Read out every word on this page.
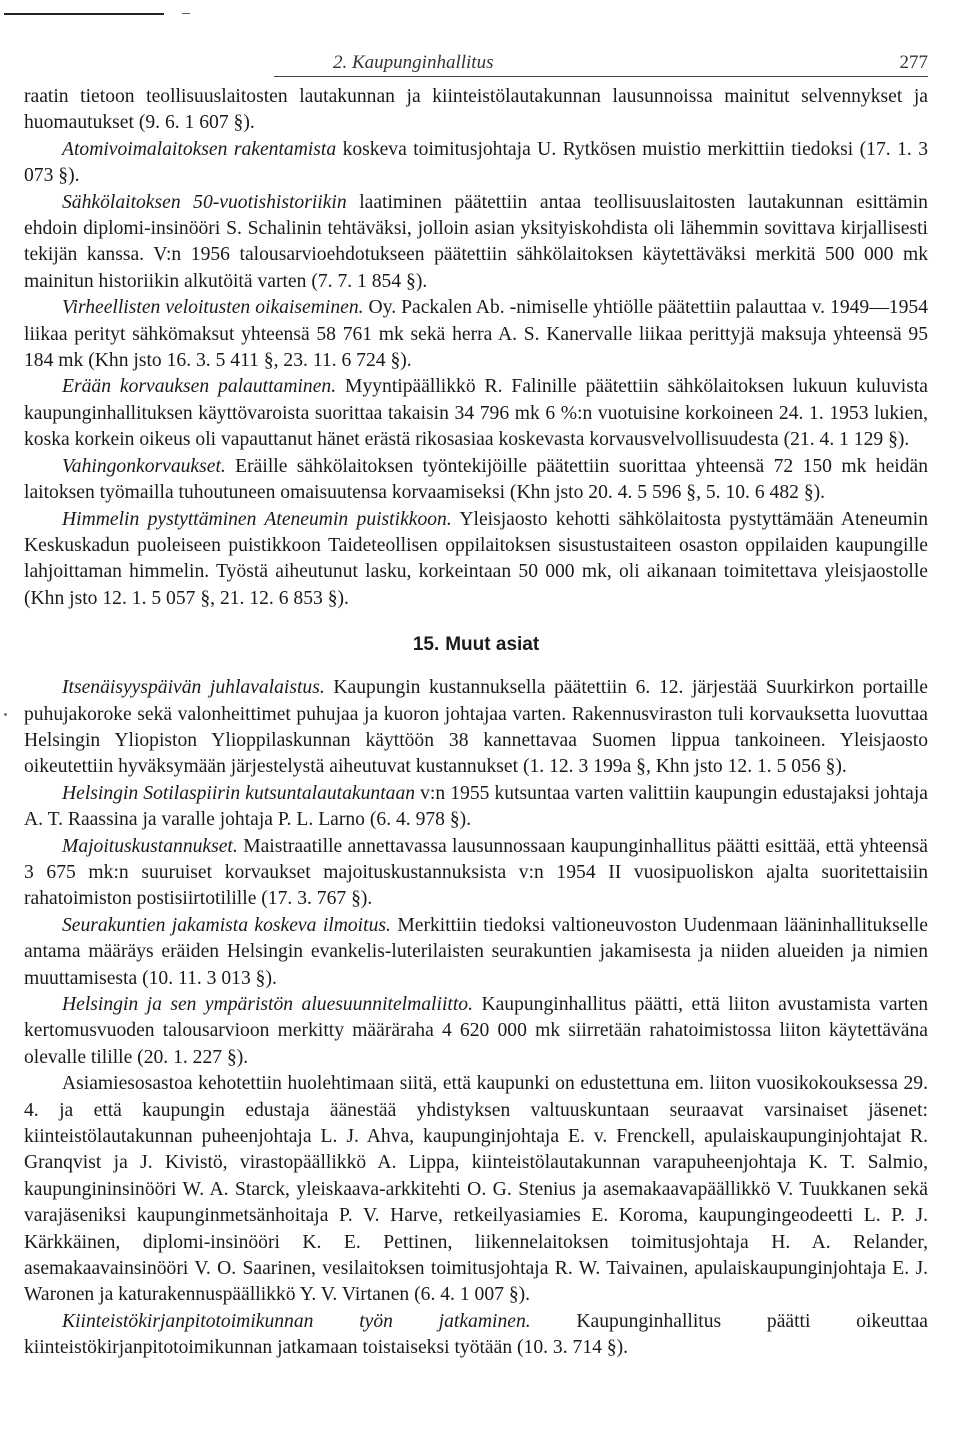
2. Kaupunginhallitus	277

raatin tietoon teollisuuslaitosten lautakunnan ja kiinteistölautakunnan lausunnoissa mainitut selvennykset ja huomautukset (9. 6. 1 607 §).

Atomivoimalaitoksen rakentamista koskeva toimitusjohtaja U. Rytkösen muistio merkittiin tiedoksi (17. 1. 3 073 §).

Sähkölaitoksen 50-vuotishistoriikin laatiminen päätettiin antaa teollisuuslaitosten lautakunnan esittämin ehdoin diplomi-insinööri S. Schalinin tehtäväksi, jolloin asian yksityiskohdista oli lähemmin sovittava kirjallisesti tekijän kanssa. V:n 1956 talousarvioehdotukseen päätettiin sähkölaitoksen käytettäväksi merkitä 500 000 mk mainitun historiikin alkutöitä varten (7. 7. 1 854 §).

Virheellisten veloitusten oikaiseminen. Oy. Packalen Ab. -nimiselle yhtiölle päätettiin palauttaa v. 1949—1954 liikaa perityt sähkömaksut yhteensä 58 761 mk sekä herra A. S. Kanervalle liikaa perittyjä maksuja yhteensä 95 184 mk (Khn jsto 16. 3. 5 411 §, 23. 11. 6 724 §).

Erään korvauksen palauttaminen. Myyntipäällikkö R. Falinille päätettiin sähkölaitoksen lukuun kuluvista kaupunginhallituksen käyttövaroista suorittaa takaisin 34 796 mk 6 %:n vuotuisine korkoineen 24. 1. 1953 lukien, koska korkein oikeus oli vapauttanut hänet erästä rikosasiaa koskevasta korvausvelvollisuudesta (21. 4. 1 129 §).

Vahingonkorvaukset. Eräille sähkölaitoksen työntekijöille päätettiin suorittaa yhteensä 72 150 mk heidän laitoksen työmailla tuhoutuneen omaisuutensa korvaamiseksi (Khn jsto 20. 4. 5 596 §, 5. 10. 6 482 §).

Himmelin pystyttäminen Ateneumin puistikkoon. Yleisjaosto kehotti sähkölaitosta pystyttämään Ateneumin Keskuskadun puoleiseen puistikkoon Taideteollisen oppilaitoksen sisustustaiteen osaston oppilaiden kaupungille lahjoittaman himmelin. Työstä aiheutunut lasku, korkeintaan 50 000 mk, oli aikanaan toimitettava yleisjaostolle (Khn jsto 12. 1. 5 057 §, 21. 12. 6 853 §).

15. Muut asiat

Itsenäisyyspäivän juhlavalaistus. Kaupungin kustannuksella päätettiin 6. 12. järjestää Suurkirkon portaille puhujakoroke sekä valonheittimet puhujaa ja kuoron johtajaa varten. Rakennusviraston tuli korvauksetta luovuttaa Helsingin Yliopiston Ylioppilaskunnan käyttöön 38 kannettavaa Suomen lippua tankoineen. Yleisjaosto oikeutettiin hyväksymään järjestelystä aiheutuvat kustannukset (1. 12. 3 199a §, Khn jsto 12. 1. 5 056 §).

Helsingin Sotilaspiirin kutsuntalautakuntaan v:n 1955 kutsuntaa varten valittiin kaupungin edustajaksi johtaja A. T. Raassina ja varalle johtaja P. L. Larno (6. 4. 978 §).

Majoituskustannukset. Maistraatille annettavassa lausunnossaan kaupunginhallitus päätti esittää, että yhteensä 3 675 mk:n suuruiset korvaukset majoituskustannuksista v:n 1954 II vuosipuoliskon ajalta suoritettaisiin rahatoimiston postisiirtotilille (17. 3. 767 §).

Seurakuntien jakamista koskeva ilmoitus. Merkittiin tiedoksi valtioneuvoston Uudenmaan lääninhallitukselle antama määräys eräiden Helsingin evankelis-luterilaisten seurakuntien jakamisesta ja niiden alueiden ja nimien muuttamisesta (10. 11. 3 013 §).

Helsingin ja sen ympäristön aluesuunnitelmaliitto. Kaupunginhallitus päätti, että liiton avustamista varten kertomusvuoden talousarvioon merkitty määräraha 4 620 000 mk siirretään rahatoimistossa liiton käytettäväna olevalle tilille (20. 1. 227 §).

Asiamiesosastoa kehotettiin huolehtimaan siitä, että kaupunki on edustettuna em. liiton vuosikokouksessa 29. 4. ja että kaupungin edustaja äänestää yhdistyksen valtuuskuntaan seuraavat varsinaiset jäsenet: kiinteistölautakunnan puheenjohtaja L. J. Ahva, kaupunginjohtaja E. v. Frenckell, apulaiskaupunginjohtajat R. Granqvist ja J. Kivistö, virastopäällikkö A. Lippa, kiinteistölautakunnan varapuheenjohtaja K. T. Salmio, kaupungininsinööri W. A. Starck, yleiskaava-arkkitehti O. G. Stenius ja asemakaavapäällikkö V. Tuukkanen sekä varajäseniksi kaupunginmetsänhoitaja P. V. Harve, retkeilyasiamies E. Koroma, kaupungingeodeetti L. P. J. Kärkkäinen, diplomi-insinööri K. E. Pettinen, liikennelaitoksen toimitusjohtaja H. A. Relander, asemakaavainsinööri V. O. Saarinen, vesilaitoksen toimitusjohtaja R. W. Taivainen, apulaiskaupunginjohtaja E. J. Waronen ja katurakennuspäällikkö Y. V. Virtanen (6. 4. 1 007 §).

Kiinteistökirjanpitotoimikunnan työn jatkaminen. Kaupunginhallitus päätti oikeuttaa kiinteistökirjanpitotoimikunnan jatkamaan toistaiseksi työtään (10. 3. 714 §).
